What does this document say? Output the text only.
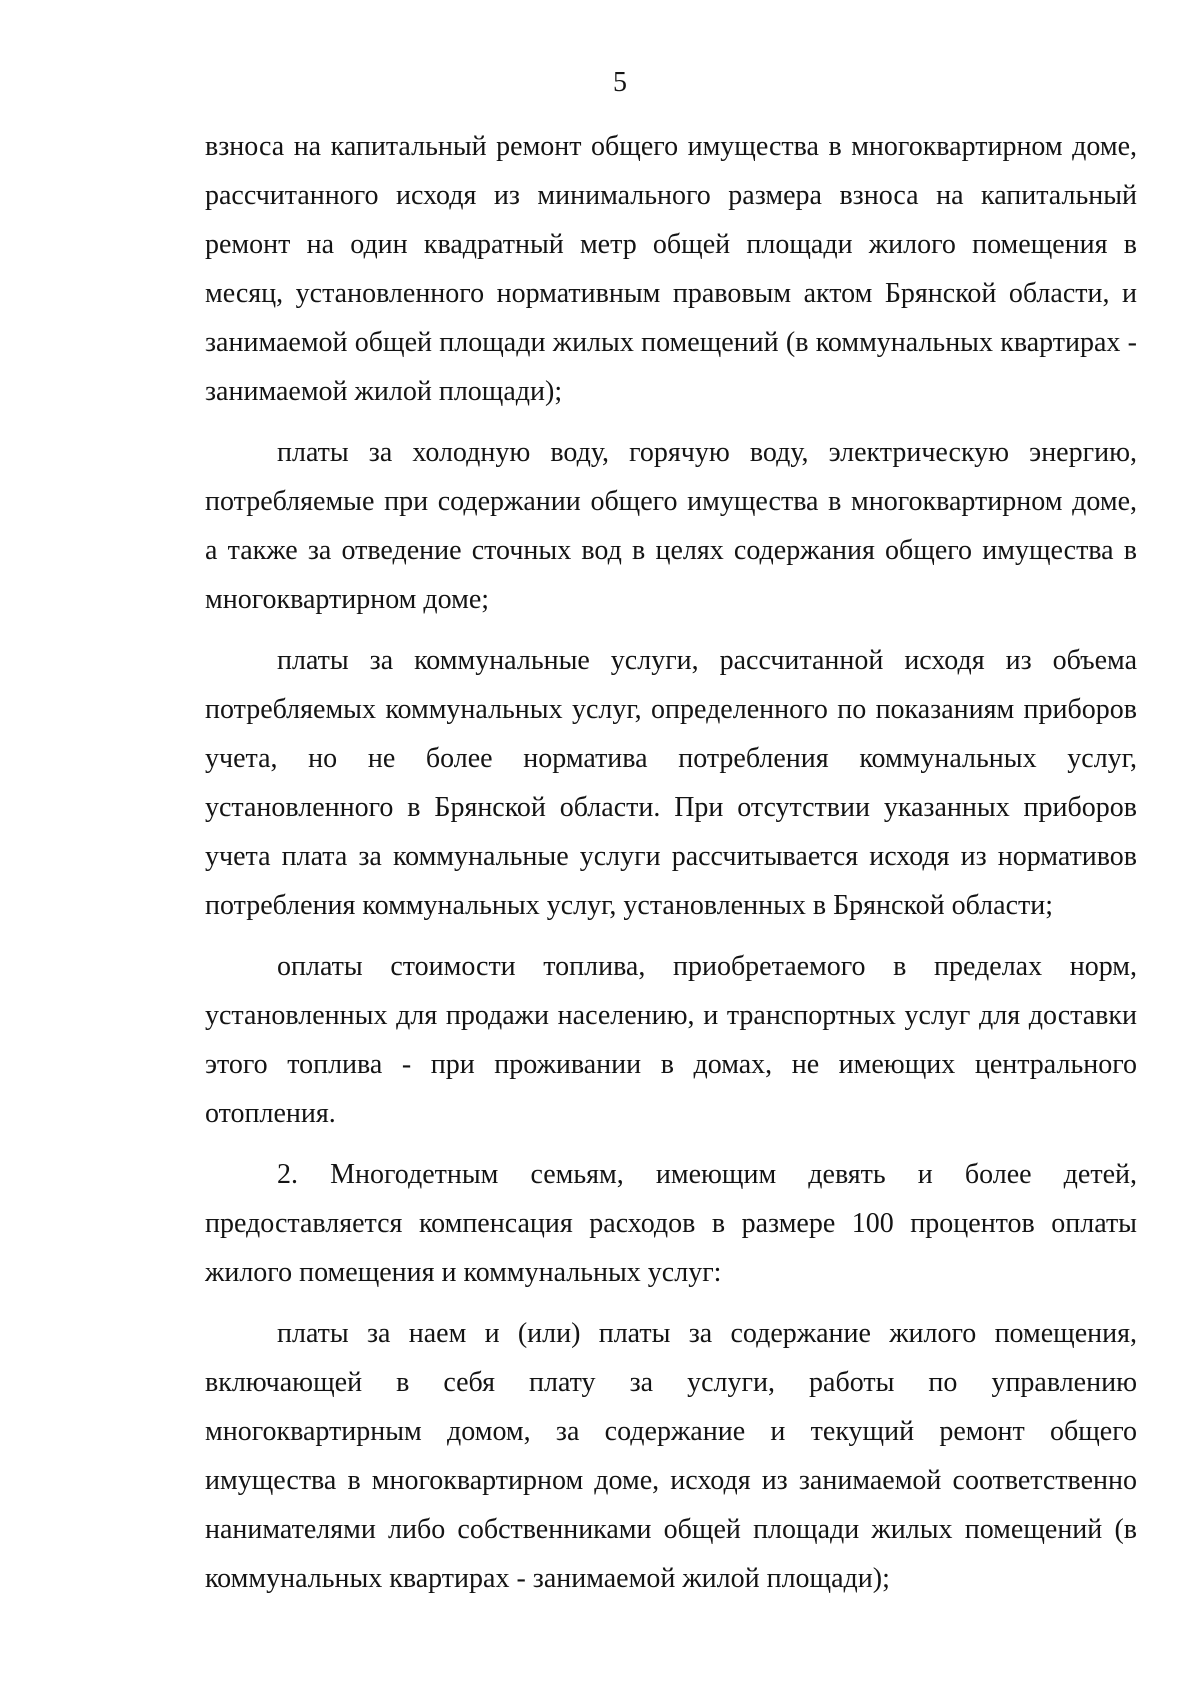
5

взноса на капитальный ремонт общего имущества в многоквартирном доме, рассчитанного исходя из минимального размера взноса на капитальный ремонт на один квадратный метр общей площади жилого помещения в месяц, установленного нормативным правовым актом Брянской области, и занимаемой общей площади жилых помещений (в коммунальных квартирах - занимаемой жилой площади);

платы за холодную воду, горячую воду, электрическую энергию, потребляемые при содержании общего имущества в многоквартирном доме, а также за отведение сточных вод в целях содержания общего имущества в многоквартирном доме;

платы за коммунальные услуги, рассчитанной исходя из объема потребляемых коммунальных услуг, определенного по показаниям приборов учета, но не более норматива потребления коммунальных услуг, установленного в Брянской области. При отсутствии указанных приборов учета плата за коммунальные услуги рассчитывается исходя из нормативов потребления коммунальных услуг, установленных в Брянской области;

оплаты стоимости топлива, приобретаемого в пределах норм, установленных для продажи населению, и транспортных услуг для доставки этого топлива - при проживании в домах, не имеющих центрального отопления.

2. Многодетным семьям, имеющим девять и более детей, предоставляется компенсация расходов в размере 100 процентов оплаты жилого помещения и коммунальных услуг:

платы за наем и (или) платы за содержание жилого помещения, включающей в себя плату за услуги, работы по управлению многоквартирным домом, за содержание и текущий ремонт общего имущества в многоквартирном доме, исходя из занимаемой соответственно нанимателями либо собственниками общей площади жилых помещений (в коммунальных квартирах - занимаемой жилой площади);
